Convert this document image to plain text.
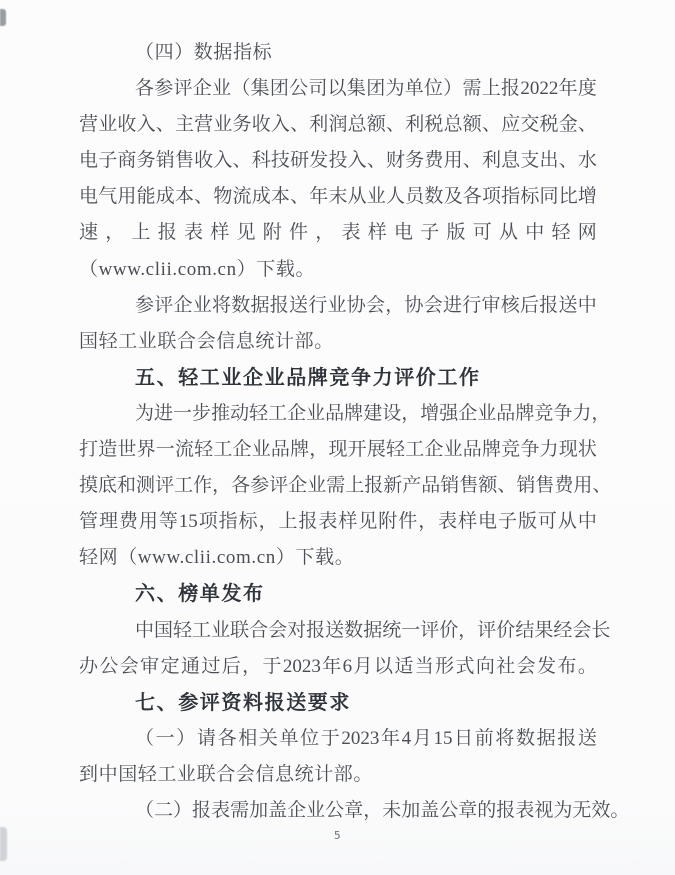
（四）数据指标
各 参 评 企 业 （ 集 团 公 司 以 集 团 为 单 位 ） 需 上 报 2022 年 度
营 业 收 入 、 主 营 业 务 收 入 、 利 润 总 额 、 利 税 总 额 、 应 交 税 金 、
电 子 商 务 销 售 收 入 、 科 技 研 发 投 入 、 财 务 费 用 、 利 息 支 出 、 水
电 气 用 能 成 本 、 物 流 成 本 、 年 末 从 业 人 员 数 及 各 项 指 标 同 比 增
速 ， 上 报 表 样 见 附 件 ， 表 样 电 子 版 可 从 中 轻 网
（www.clii.com.cn）下载。
参 评 企 业 将 数 据 报 送 行 业 协 会 ， 协 会 进 行 审 核 后 报 送 中
国轻工业联合会信息统计部。
五、轻工业企业品牌竞争力评价工作
为 进 一 步 推 动 轻 工 企 业 品 牌 建 设 ， 增 强 企 业 品 牌 竞 争 力 ，
打 造 世 界 一 流 轻 工 企 业 品 牌 ， 现 开 展 轻 工 企 业 品 牌 竞 争 力 现 状
摸 底 和 测 评 工 作 ， 各 参 评 企 业 需 上 报 新 产 品 销 售 额 、 销 售 费 用 、
管 理 费 用 等 15 项 指 标 ， 上 报 表 样 见 附 件 ， 表 样 电 子 版 可 从 中
轻网（www.clii.com.cn）下载。
六、榜单发布
中 国 轻 工 业 联 合 会 对 报 送 数 据 统 一 评 价 ， 评 价 结 果 经 会 长
办 公 会 审 定 通 过 后 ， 于 2023 年 6 月 以 适 当 形 式 向 社 会 发 布 。
七、参评资料报送要求
（ 一 ） 请 各 相 关 单 位 于 2023 年 4 月 15 日 前 将 数 据 报 送
到中国轻工业联合会信息统计部。
（ 二 ） 报 表 需 加 盖 企 业 公 章 ， 未 加 盖 公 章 的 报 表 视 为 无 效 。
5
